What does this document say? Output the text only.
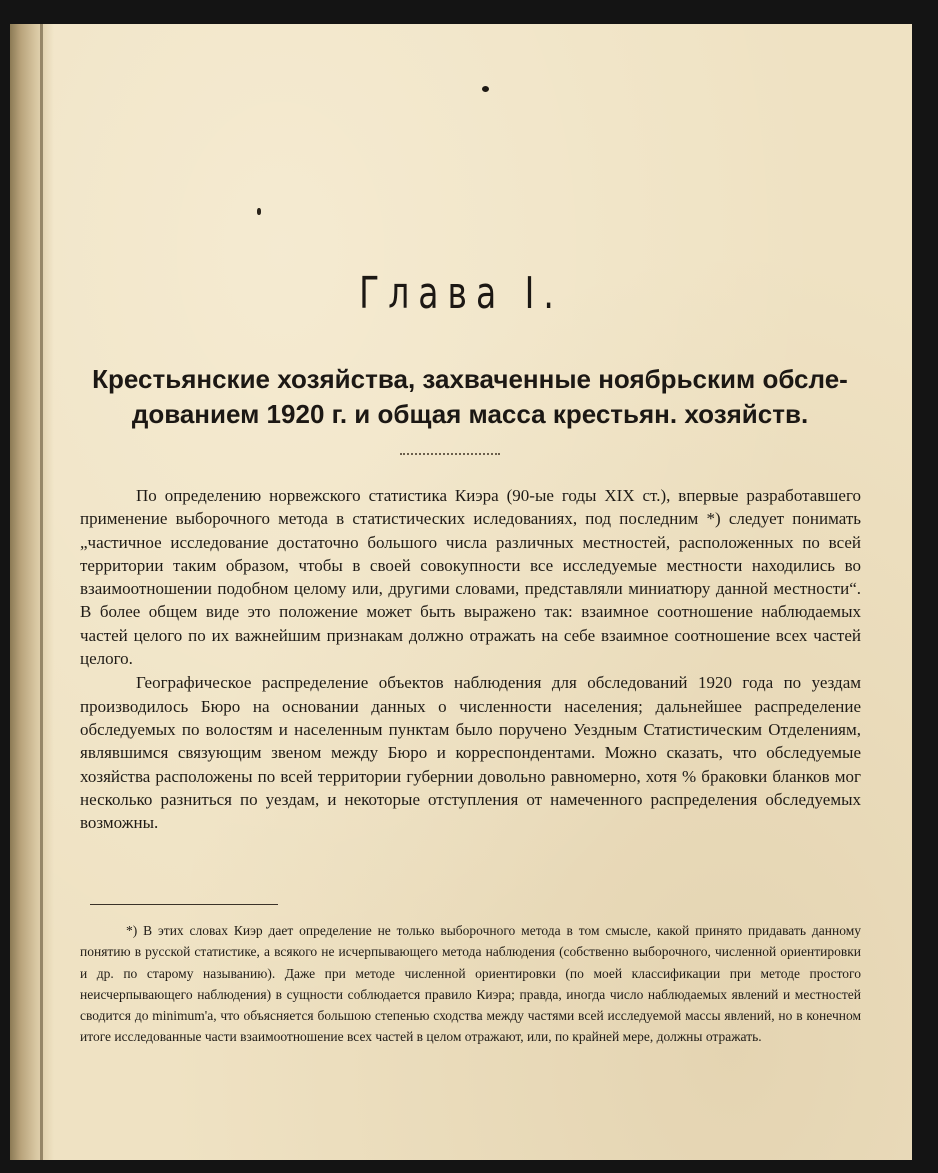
Глава I.
Крестьянские хозяйства, захваченные ноябрьским обсле-
дованием 1920 г. и общая масса крестьян. хозяйств.

По определению норвежского статистика Киэра (90-ые годы XIX ст.), впервые разработавшего применение выборочного метода в статистических иследованиях, под последним *) следует понимать „частичное исследование достаточно большого числа различных местностей, расположенных по всей территории таким образом, чтобы в своей совокупности все исследуемые местности находились во взаимоотношении подобном целому или, другими словами, представляли миниатюру данной местности“. В более общем виде это положение может быть выражено так: взаимное соотношение наблюдаемых частей целого по их важнейшим признакам должно отражать на себе взаимное соотношение всех частей целого.

Географическое распределение объектов наблюдения для обследований 1920 года по уездам производилось Бюро на основании данных о численности населения; дальнейшее распределение обследуемых по волостям и населенным пунктам было поручено Уездным Статистическим Отделениям, являвшимся связующим звеном между Бюро и корреспондентами. Можно сказать, что обследуемые хозяйства расположены по всей территории губернии довольно равномерно, хотя % браковки бланков мог несколько разниться по уездам, и некоторые отступления от намеченного распределения обследуемых возможны.

*) В этих словах Киэр дает определение не только выборочного метода в том смысле, какой принято придавать данному понятию в русской статистике, а всякого не исчерпывающего метода наблюдения (собственно выборочного, численной ориентировки и др. по старому называнию). Даже при методе численной ориентировки (по моей классификации при методе простого неисчерпывающего наблюдения) в сущности соблюдается правило Киэра; правда, иногда число наблюдаемых явлений и местностей сводится до minimum'a, что объясняется большою степенью сходства между частями всей исследуемой массы явлений, но в конечном итоге исследованные части взаимоотношение всех частей в целом отражают, или, по крайней мере, должны отражать.
